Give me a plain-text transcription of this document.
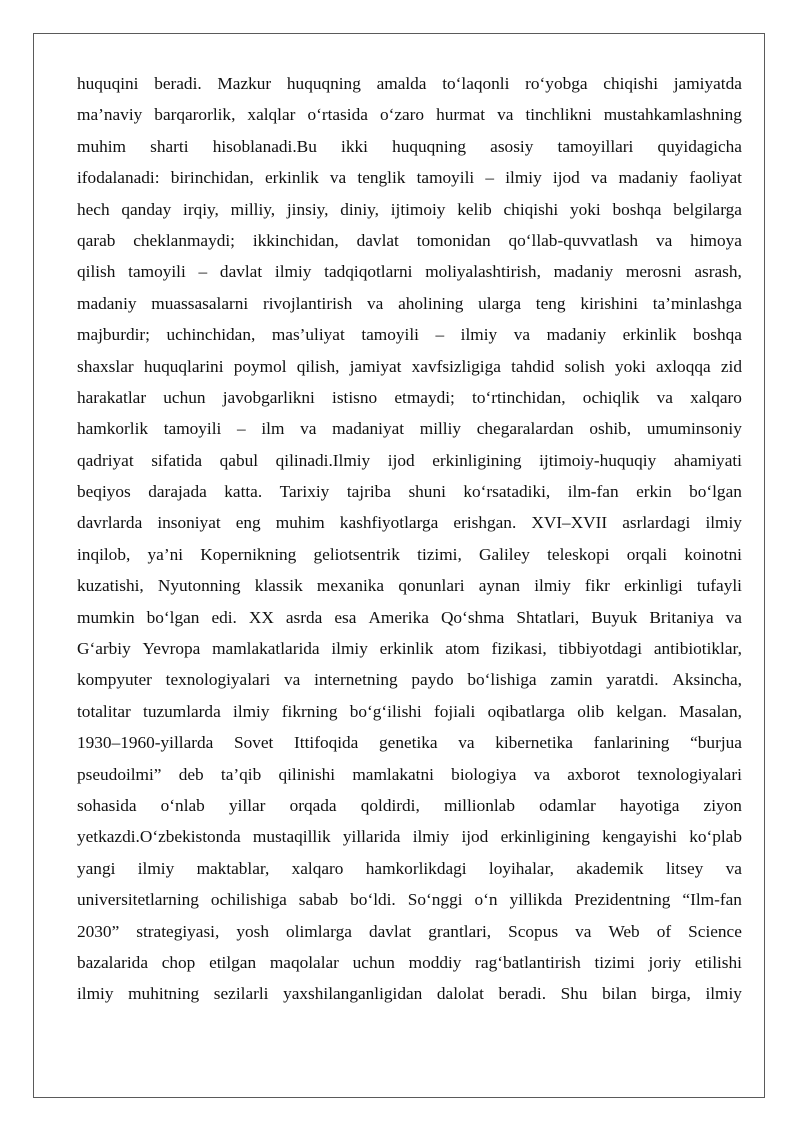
huquqini beradi. Mazkur huquqning amalda to‘laqonli ro‘yobga chiqishi jamiyatda
ma’naviy barqarorlik, xalqlar o‘rtasida o‘zaro hurmat va tinchlikni mustahkamlashning
muhim sharti hisoblanadi.Bu ikki huquqning asosiy tamoyillari quyidagicha
ifodalanadi: birinchidan, erkinlik va tenglik tamoyili – ilmiy ijod va madaniy faoliyat
hech qanday irqiy, milliy, jinsiy, diniy, ijtimoiy kelib chiqishi yoki boshqa belgilarga
qarab cheklanmaydi; ikkinchidan, davlat tomonidan qo‘llab-quvvatlash va himoya
qilish tamoyili – davlat ilmiy tadqiqotlarni moliyalashtirish, madaniy merosni asrash,
madaniy muassasalarni rivojlantirish va aholining ularga teng kirishini ta’minlashga
majburdir; uchinchidan, mas’uliyat tamoyili – ilmiy va madaniy erkinlik boshqa
shaxslar huquqlarini poymol qilish, jamiyat xavfsizligiga tahdid solish yoki axloqqa zid
harakatlar uchun javobgarlikni istisno etmaydi; to‘rtinchidan, ochiqlik va xalqaro
hamkorlik tamoyili – ilm va madaniyat milliy chegaralardan oshib, umuminsoniy
qadriyat sifatida qabul qilinadi.Ilmiy ijod erkinligining ijtimoiy-huquqiy ahamiyati
beqiyos darajada katta. Tarixiy tajriba shuni ko‘rsatadiki, ilm-fan erkin bo‘lgan
davrlarda insoniyat eng muhim kashfiyotlarga erishgan. XVI–XVII asrlardagi ilmiy
inqilob, ya’ni Kopernikning geliotsentrik tizimi, Galiley teleskopi orqali koinotni
kuzatishi, Nyutonning klassik mexanika qonunlari aynan ilmiy fikr erkinligi tufayli
mumkin bo‘lgan edi. XX asrda esa Amerika Qo‘shma Shtatlari, Buyuk Britaniya va
G‘arbiy Yevropa mamlakatlarida ilmiy erkinlik atom fizikasi, tibbiyotdagi antibiotiklar,
kompyuter texnologiyalari va internetning paydo bo‘lishiga zamin yaratdi. Aksincha,
totalitar tuzumlarda ilmiy fikrning bo‘g‘ilishi fojiali oqibatlarga olib kelgan. Masalan,
1930–1960-yillarda Sovet Ittifoqida genetika va kibernetika fanlarining “burjua
pseudoilmi” deb ta’qib qilinishi mamlakatni biologiya va axborot texnologiyalari
sohasida o‘nlab yillar orqada qoldirdi, millionlab odamlar hayotiga ziyon
yetkazdi.O‘zbekistonda mustaqillik yillarida ilmiy ijod erkinligining kengayishi ko‘plab
yangi ilmiy maktablar, xalqaro hamkorlikdagi loyihalar, akademik litsey va
universitetlarning ochilishiga sabab bo‘ldi. So‘nggi o‘n yillikda Prezidentning “Ilm-fan
2030” strategiyasi, yosh olimlarga davlat grantlari, Scopus va Web of Science
bazalarida chop etilgan maqolalar uchun moddiy rag‘batlantirish tizimi joriy etilishi
ilmiy muhitning sezilarli yaxshilanganligidan dalolat beradi. Shu bilan birga, ilmiy
